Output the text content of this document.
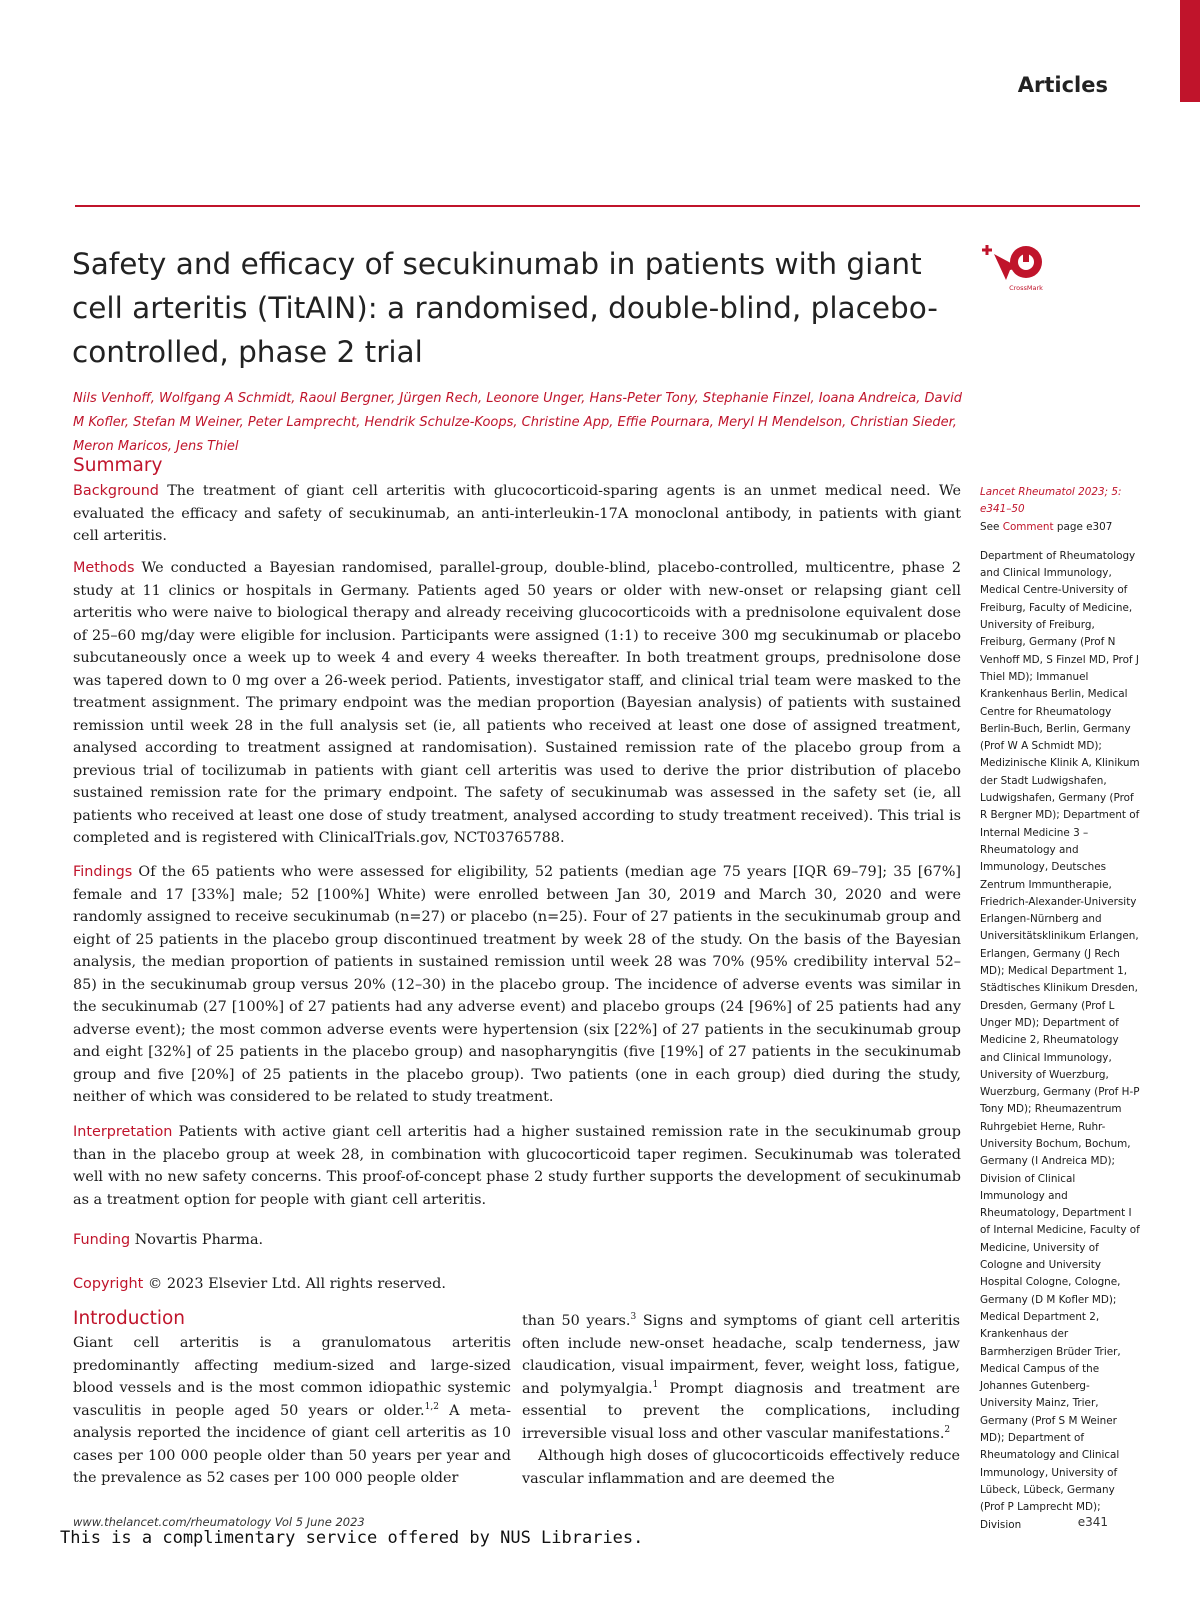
Articles
Safety and efficacy of secukinumab in patients with giant cell arteritis (TitAIN): a randomised, double-blind, placebo-controlled, phase 2 trial
CrossMark

Nils Venhoff, Wolfgang A Schmidt, Raoul Bergner, Jürgen Rech, Leonore Unger, Hans-Peter Tony, Stephanie Finzel, Ioana Andreica, David M Kofler, Stefan M Weiner, Peter Lamprecht, Hendrik Schulze-Koops, Christine App, Effie Pournara, Meryl H Mendelson, Christian Sieder, Meron Maricos, Jens Thiel

Summary

Background The treatment of giant cell arteritis with glucocorticoid-sparing agents is an unmet medical need. We evaluated the efficacy and safety of secukinumab, an anti-interleukin-17A monoclonal antibody, in patients with giant cell arteritis.

Methods We conducted a Bayesian randomised, parallel-group, double-blind, placebo-controlled, multicentre, phase 2 study at 11 clinics or hospitals in Germany. Patients aged 50 years or older with new-onset or relapsing giant cell arteritis who were naive to biological therapy and already receiving glucocorticoids with a prednisolone equivalent dose of 25–60 mg/day were eligible for inclusion. Participants were assigned (1:1) to receive 300 mg secukinumab or placebo subcutaneously once a week up to week 4 and every 4 weeks thereafter. In both treatment groups, prednisolone dose was tapered down to 0 mg over a 26-week period. Patients, investigator staff, and clinical trial team were masked to the treatment assignment. The primary endpoint was the median proportion (Bayesian analysis) of patients with sustained remission until week 28 in the full analysis set (ie, all patients who received at least one dose of assigned treatment, analysed according to treatment assigned at randomisation). Sustained remission rate of the placebo group from a previous trial of tocilizumab in patients with giant cell arteritis was used to derive the prior distribution of placebo sustained remission rate for the primary endpoint. The safety of secukinumab was assessed in the safety set (ie, all patients who received at least one dose of study treatment, analysed according to study treatment received). This trial is completed and is registered with ClinicalTrials.gov, NCT03765788.

Findings Of the 65 patients who were assessed for eligibility, 52 patients (median age 75 years [IQR 69–79]; 35 [67%] female and 17 [33%] male; 52 [100%] White) were enrolled between Jan 30, 2019 and March 30, 2020 and were randomly assigned to receive secukinumab (n=27) or placebo (n=25). Four of 27 patients in the secukinumab group and eight of 25 patients in the placebo group discontinued treatment by week 28 of the study. On the basis of the Bayesian analysis, the median proportion of patients in sustained remission until week 28 was 70% (95% credibility interval 52–85) in the secukinumab group versus 20% (12–30) in the placebo group. The incidence of adverse events was similar in the secukinumab (27 [100%] of 27 patients had any adverse event) and placebo groups (24 [96%] of 25 patients had any adverse event); the most common adverse events were hypertension (six [22%] of 27 patients in the secukinumab group and eight [32%] of 25 patients in the placebo group) and nasopharyngitis (five [19%] of 27 patients in the secukinumab group and five [20%] of 25 patients in the placebo group). Two patients (one in each group) died during the study, neither of which was considered to be related to study treatment.

Interpretation Patients with active giant cell arteritis had a higher sustained remission rate in the secukinumab group than in the placebo group at week 28, in combination with glucocorticoid taper regimen. Secukinumab was tolerated well with no new safety concerns. This proof-of-concept phase 2 study further supports the development of secukinumab as a treatment option for people with giant cell arteritis.

Funding Novartis Pharma.

Copyright © 2023 Elsevier Ltd. All rights reserved.

Lancet Rheumatol 2023; 5: e341–50
See Comment page e307
Department of Rheumatology and Clinical Immunology, Medical Centre-University of Freiburg, Faculty of Medicine, University of Freiburg, Freiburg, Germany (Prof N Venhoff MD, S Finzel MD, Prof J Thiel MD); Immanuel Krankenhaus Berlin, Medical Centre for Rheumatology Berlin-Buch, Berlin, Germany (Prof W A Schmidt MD); Medizinische Klinik A, Klinikum der Stadt Ludwigshafen, Ludwigshafen, Germany (Prof R Bergner MD); Department of Internal Medicine 3 – Rheumatology and Immunology, Deutsches Zentrum Immuntherapie, Friedrich-Alexander-University Erlangen-Nürnberg and Universitätsklinikum Erlangen, Erlangen, Germany (J Rech MD); Medical Department 1, Städtisches Klinikum Dresden, Dresden, Germany (Prof L Unger MD); Department of Medicine 2, Rheumatology and Clinical Immunology, University of Wuerzburg, Wuerzburg, Germany (Prof H-P Tony MD); Rheumazentrum Ruhrgebiet Herne, Ruhr-University Bochum, Bochum, Germany (I Andreica MD); Division of Clinical Immunology and Rheumatology, Department I of Internal Medicine, Faculty of Medicine, University of Cologne and University Hospital Cologne, Cologne, Germany (D M Kofler MD); Medical Department 2, Krankenhaus der Barmherzigen Brüder Trier, Medical Campus of the Johannes Gutenberg-University Mainz, Trier, Germany (Prof S M Weiner MD); Department of Rheumatology and Clinical Immunology, University of Lübeck, Lübeck, Germany (Prof P Lamprecht MD); Division
Introduction

Giant cell arteritis is a granulomatous arteritis predominantly affecting medium-sized and large-sized blood vessels and is the most common idiopathic systemic vasculitis in people aged 50 years or older.$^{1,2}$ A meta-analysis reported the incidence of giant cell arteritis as 10 cases per 100 000 people older than 50 years per year and the prevalence as 52 cases per 100 000 people older

than 50 years.$^3$ Signs and symptoms of giant cell arteritis often include new-onset headache, scalp tenderness, jaw claudication, visual impairment, fever, weight loss, fatigue, and polymyalgia.$^1$ Prompt diagnosis and treatment are essential to prevent the complications, including irreversible visual loss and other vascular manifestations.$^2$

Although high doses of glucocorticoids effectively reduce vascular inflammation and are deemed the

www.thelancet.com/rheumatology Vol 5 June 2023	e341
This is a complimentary service offered by NUS Libraries.
